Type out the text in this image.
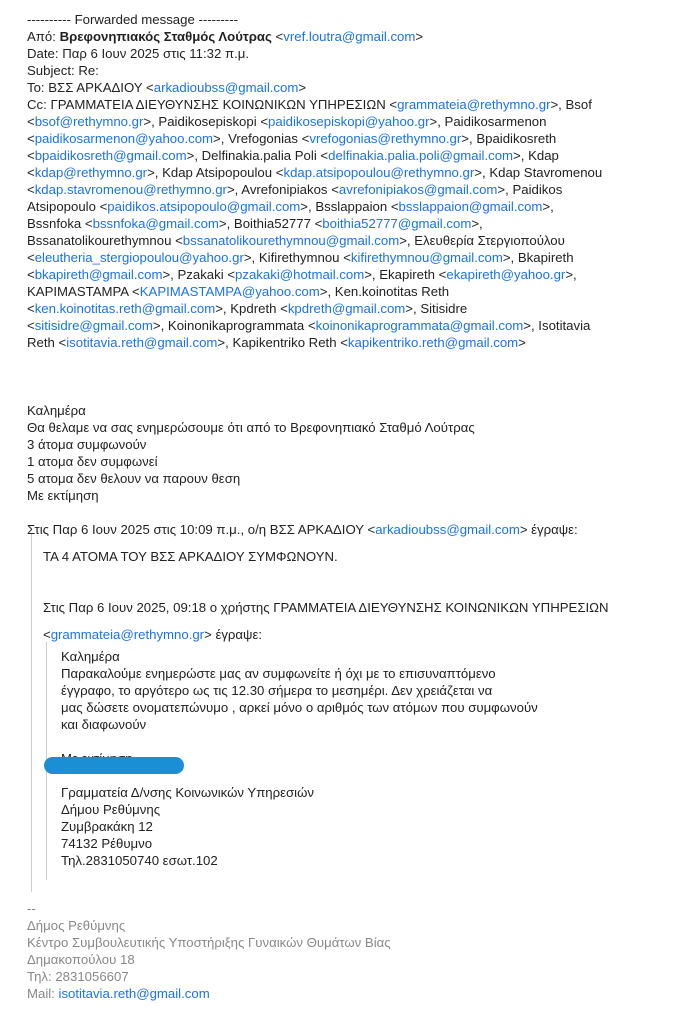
---------- Forwarded message ---------
Από: Βρεφονηπιακός Σταθμός Λούτρας <vref.loutra@gmail.com>
Date: Παρ 6 Ιουν 2025 στις 11:32 π.μ.
Subject: Re:
To: ΒΣΣ ΑΡΚΑΔΙΟΥ <arkadioubss@gmail.com>
Cc: ΓΡΑΜΜΑΤΕΙΑ ΔΙΕΥΘΥΝΣΗΣ ΚΟΙΝΩΝΙΚΩΝ ΥΠΗΡΕΣΙΩΝ <grammateia@rethymno.gr>, Bsof
<bsof@rethymno.gr>, Paidikosepiskopi <paidikosepiskopi@yahoo.gr>, Paidikosarmenon
<paidikosarmenon@yahoo.com>, Vrefogonias <vrefogonias@rethymno.gr>, Bpaidikosreth
<bpaidikosreth@gmail.com>, Delfinakia.palia Poli <delfinakia.palia.poli@gmail.com>, Kdap
<kdap@rethymno.gr>, Kdap Atsipopoulou <kdap.atsipopoulou@rethymno.gr>, Kdap Stavromenou
<kdap.stavromenou@rethymno.gr>, Avrefonipiakos <avrefonipiakos@gmail.com>, Paidikos
Atsipopoulo <paidikos.atsipopoulo@gmail.com>, Bsslappaion <bsslappaion@gmail.com>,
Bssnfoka <bssnfoka@gmail.com>, Boithia52777 <boithia52777@gmail.com>,
Bssanatolikourethymnou <bssanatolikourethymnou@gmail.com>, Ελευθερία Στεργιοπούλου
<eleutheria_stergiopoulou@yahoo.gr>, Kifirethymnou <kifirethymnou@gmail.com>, Bkapireth
<bkapireth@gmail.com>, Pzakaki <pzakaki@hotmail.com>, Ekapireth <ekapireth@yahoo.gr>,
ΚΑΡΙΜΑSΤΑΜΡΑ <KAPIMASTAMPA@yahoo.com>, Ken.koinotitas Reth
<ken.koinotitas.reth@gmail.com>, Kpdreth <kpdreth@gmail.com>, Sitisidre
<sitisidre@gmail.com>, Koinonikaprogrammata <koinonikaprogrammata@gmail.com>, Isotitavia
Reth <isotitavia.reth@gmail.com>, Kapikentriko Reth <kapikentriko.reth@gmail.com>
Καλημέρα
Θα θελαμε να σας ενημερώσουμε ότι από το Βρεφονηπιακό Σταθμό Λούτρας
3 άτομα συμφωνούν
1 ατομα δεν συμφωνεί
5 ατομα δεν θελουν να παρουν θεση
Με εκτίμηση
Στις Παρ 6 Ιουν 2025 στις 10:09 π.μ., ο/η ΒΣΣ ΑΡΚΑΔΙΟΥ <arkadioubss@gmail.com> έγραψε:
ΤΑ 4 ΑΤΟΜΑ ΤΟΥ ΒΣΣ ΑΡΚΑΔΙΟΥ ΣΥΜΦΩΝΟΥΝ.
Στις Παρ 6 Ιουν 2025, 09:18 ο χρήστης ΓΡΑΜΜΑΤΕΙΑ ΔΙΕΥΘΥΝΣΗΣ ΚΟΙΝΩΝΙΚΩΝ ΥΠΗΡΕΣΙΩΝ
<grammateia@rethymno.gr> έγραψε:
Καλημέρα
Παρακαλούμε ενημερώστε μας αν συμφωνείτε ή όχι με το επισυναπτόμενο
έγγραφο, το αργότερο ως τις 12.30 σήμερα το μεσημέρι. Δεν χρειάζεται να
μας δώσετε ονοματεπώνυμο , αρκεί μόνο ο αριθμός των ατόμων που συμφωνούν
και διαφωνούν
Γραμματεία Δ/νσης Κοινωνικών Υπηρεσιών
Δήμου Ρεθύμνης
Ζυμβρακάκη 12
74132 Ρέθυμνο
Τηλ.2831050740 εσωτ.102
--
Δήμος Ρεθύμνης
Κέντρο Συμβουλευτικής Υποστήριξης Γυναικών Θυμάτων Βίας
Δημακοπούλου 18
Τηλ: 2831056607
Mail: isotitavia.reth@gmail.com
